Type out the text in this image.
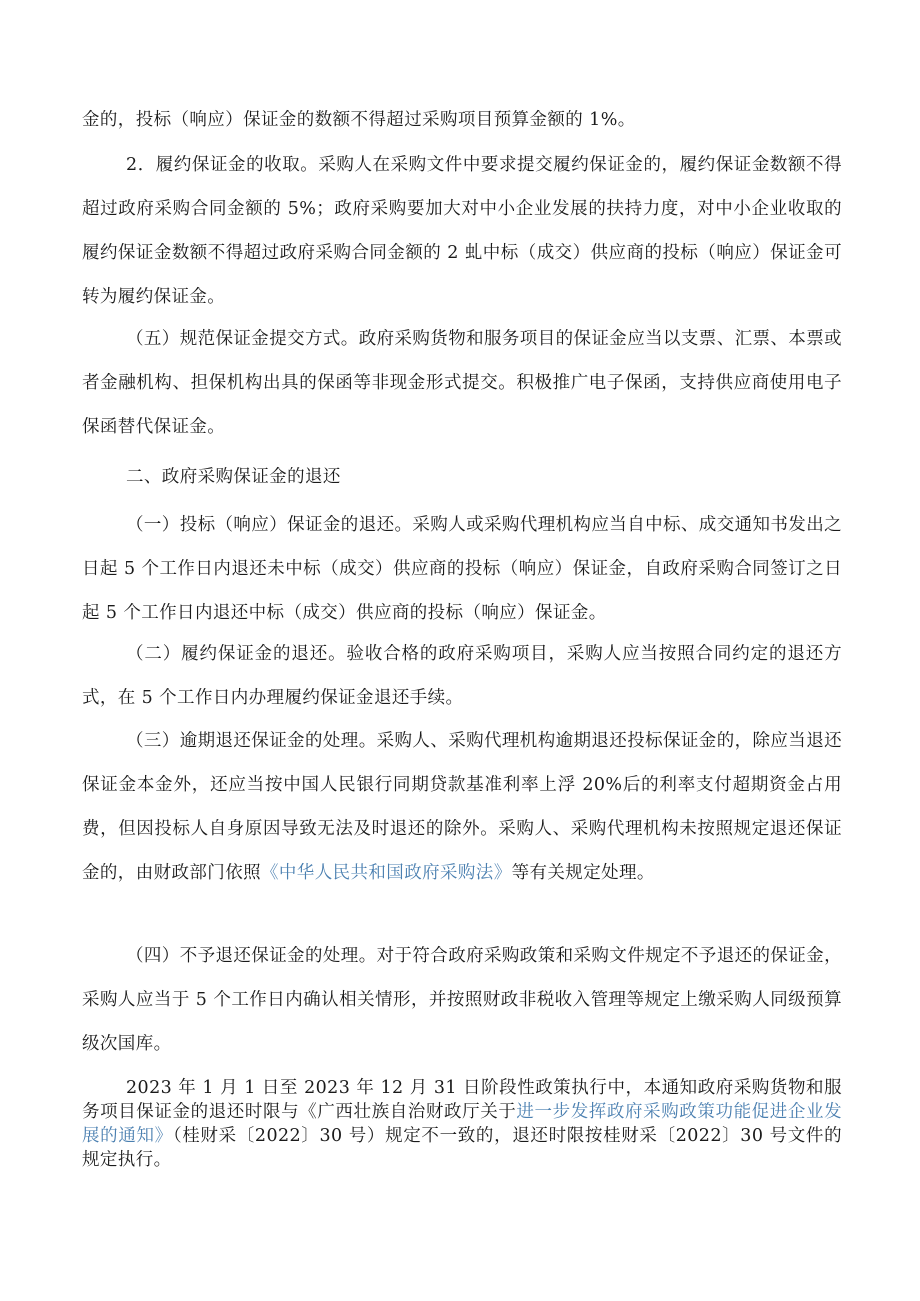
金的，投标（响应）保证金的数额不得超过采购项目预算金额的 1%。

2．履约保证金的收取。采购人在采购文件中要求提交履约保证金的，履约保证金数额不得超过政府采购合同金额的 5%；政府采购要加大对中小企业发展的扶持力度，对中小企业收取的履约保证金数额不得超过政府采购合同金额的 2 虬中标（成交）供应商的投标（响应）保证金可转为履约保证金。

（五）规范保证金提交方式。政府采购货物和服务项目的保证金应当以支票、汇票、本票或者金融机构、担保机构出具的保函等非现金形式提交。积极推广电子保函，支持供应商使用电子保函替代保证金。

二、政府采购保证金的退还

（一）投标（响应）保证金的退还。采购人或采购代理机构应当自中标、成交通知书发出之日起 5 个工作日内退还未中标（成交）供应商的投标（响应）保证金，自政府采购合同签订之日起 5 个工作日内退还中标（成交）供应商的投标（响应）保证金。

（二）履约保证金的退还。验收合格的政府采购项目，采购人应当按照合同约定的退还方式，在 5 个工作日内办理履约保证金退还手续。

（三）逾期退还保证金的处理。采购人、采购代理机构逾期退还投标保证金的，除应当退还保证金本金外，还应当按中国人民银行同期贷款基准利率上浮 20%后的利率支付超期资金占用费，但因投标人自身原因导致无法及时退还的除外。采购人、采购代理机构未按照规定退还保证金的，由财政部门依照《中华人民共和国政府采购法》等有关规定处理。

（四）不予退还保证金的处理。对于符合政府采购政策和采购文件规定不予退还的保证金，采购人应当于 5 个工作日内确认相关情形，并按照财政非税收入管理等规定上缴采购人同级预算级次国库。

2023 年 1 月 1 日至 2023 年 12 月 31 日阶段性政策执行中，本通知政府采购货物和服务项目保证金的退还时限与《广西壮族自治财政厅关于进一步发挥政府采购政策功能促进企业发展的通知》（桂财采〔2022〕30 号）规定不一致的，退还时限按桂财采〔2022〕30 号文件的规定执行。
